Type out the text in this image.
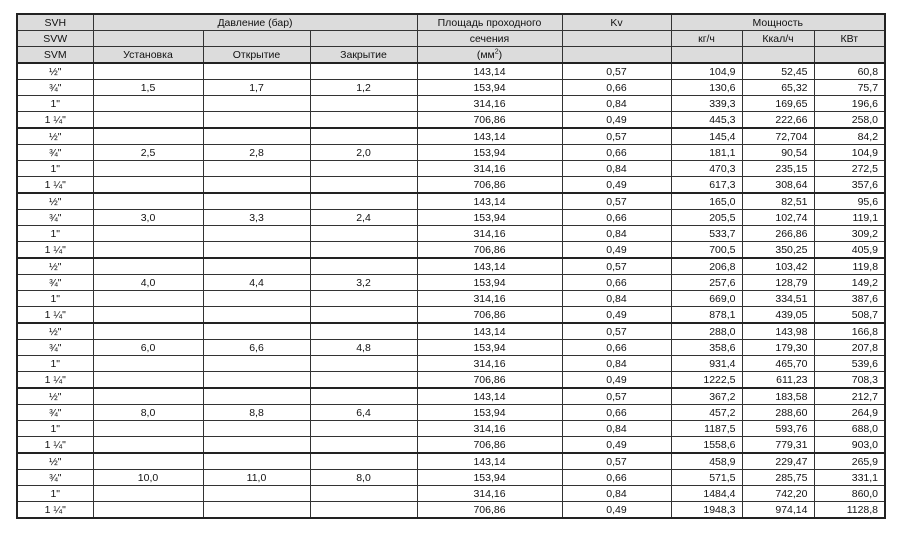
SVH	Давление (бар)			Площадь проходного	Kv	Мощность		
SVW				сечения		кг/ч	Ккал/ч	КВт
SVM	Установка	Открытие	Закрытие	$(мм^2)$				
½"				143,14	0,57	104,9	52,45	60,8
¾"	1,5	1,7	1,2	153,94	0,66	130,6	65,32	75,7
1"				314,16	0,84	339,3	169,65	196,6
1 ¼"				706,86	0,49	445,3	222,66	258,0
½"				143,14	0,57	145,4	72,704	84,2
¾"	2,5	2,8	2,0	153,94	0,66	181,1	90,54	104,9
1"				314,16	0,84	470,3	235,15	272,5
1 ¼"				706,86	0,49	617,3	308,64	357,6
½"				143,14	0,57	165,0	82,51	95,6
¾"	3,0	3,3	2,4	153,94	0,66	205,5	102,74	119,1
1"				314,16	0,84	533,7	266,86	309,2
1 ¼"				706,86	0,49	700,5	350,25	405,9
½"				143,14	0,57	206,8	103,42	119,8
¾"	4,0	4,4	3,2	153,94	0,66	257,6	128,79	149,2
1"				314,16	0,84	669,0	334,51	387,6
1 ¼"				706,86	0,49	878,1	439,05	508,7
½"				143,14	0,57	288,0	143,98	166,8
¾"	6,0	6,6	4,8	153,94	0,66	358,6	179,30	207,8
1"				314,16	0,84	931,4	465,70	539,6
1 ¼"				706,86	0,49	1222,5	611,23	708,3
½"				143,14	0,57	367,2	183,58	212,7
¾"	8,0	8,8	6,4	153,94	0,66	457,2	288,60	264,9
1"				314,16	0,84	1187,5	593,76	688,0
1 ¼"				706,86	0,49	1558,6	779,31	903,0
½"				143,14	0,57	458,9	229,47	265,9
¾"	10,0	11,0	8,0	153,94	0,66	571,5	285,75	331,1
1"				314,16	0,84	1484,4	742,20	860,0
1 ¼"				706,86	0,49	1948,3	974,14	1128,8
